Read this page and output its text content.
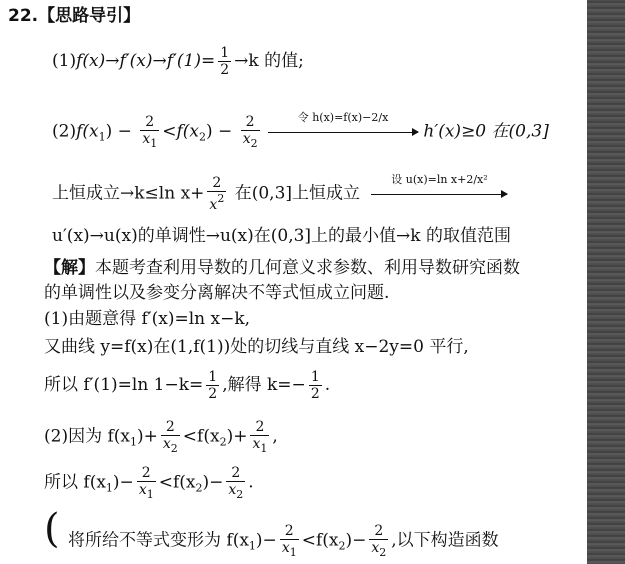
22.【思路导引】
$(1)f(x)\to f'(x)\to f'(1)= \frac{1}{2} \to k$ 的值;
$(2)f(x_1) - \frac{2}{x_1} <f(x_2) - \frac{2}{x_2}$
	令 h(x)=f(x)−2/x
h′(x)≥0 在(0,3]
上恒成立→k≤ln $x+ \frac{2}{x^2}$ 在(0,3]上恒成立
设 u(x)=ln x+2/x²
u′(x)→u(x)的单调性→u(x)在(0,3]上的最小值→k 的取值范围
【解】本题考查利用导数的几何意义求参数、利用导数研究函数
的单调性以及参变分离解决不等式恒成立问题.
(1)由题意得 f′(x)=ln x−k,
又曲线 y=f(x)在(1,f(1))处的切线与直线 x−2y=0 平行,
所以 f′(1)=ln $1-k= \frac{1}{2}$ ,解得 $k=- \frac{1}{2}$ .
(2)因为 $f(x_1)+ \frac{2}{x_2} <f(x_2)+ \frac{2}{x_1}$ ,
所以 $f(x_1)- \frac{2}{x_1} <f(x_2)- \frac{2}{x_2}$ .
( 将所给不等式变形为 $f(x_1)- \frac{2}{x_1} <f(x_2)- \frac{2}{x_2}$ ,以下构造函数
